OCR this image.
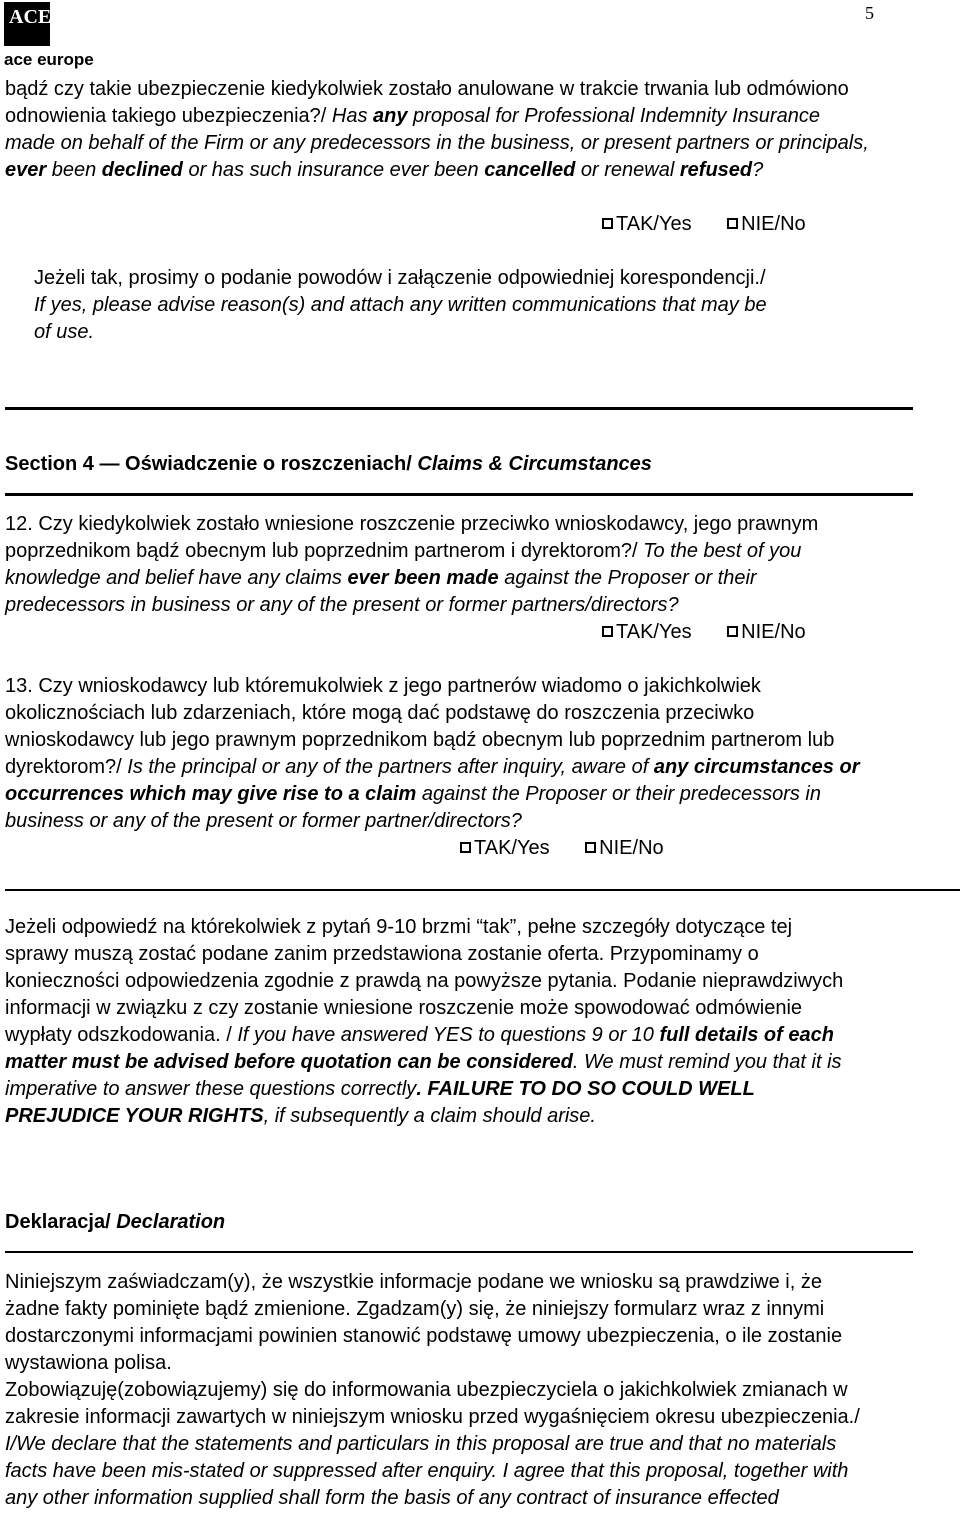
ACE
ace europe
5

bądź czy takie ubezpieczenie kiedykolwiek zostało anulowane w trakcie trwania lub odmówiono odnowienia takiego ubezpieczenia?/ Has any proposal for Professional Indemnity Insurance made on behalf of the Firm or any predecessors in the business, or present partners or principals, ever been declined or has such insurance ever been cancelled or renewal refused?

TAK/Yes NIE/No

Jeżeli tak, prosimy o podanie powodów i załączenie odpowiedniej korespondencji./ If yes, please advise reason(s) and attach any written communications that may be of use.

Section 4 — Oświadczenie o roszczeniach/ Claims & Circumstances

12. Czy kiedykolwiek zostało wniesione roszczenie przeciwko wnioskodawcy, jego prawnym poprzednikom bądź obecnym lub poprzednim partnerom i dyrektorom?/ To the best of you knowledge and belief have any claims ever been made against the Proposer or their predecessors in business or any of the present or former partners/directors?

TAK/Yes NIE/No

13. Czy wnioskodawcy lub któremukolwiek z jego partnerów wiadomo o jakichkolwiek okolicznościach lub zdarzeniach, które mogą dać podstawę do roszczenia przeciwko wnioskodawcy lub jego prawnym poprzednikom bądź obecnym lub poprzednim partnerom lub dyrektorom?/ Is the principal or any of the partners after inquiry, aware of any circumstances or occurrences which may give rise to a claim against the Proposer or their predecessors in business or any of the present or former partner/directors?

TAK/Yes NIE/No

Jeżeli odpowiedź na którekolwiek z pytań 9-10 brzmi “tak”, pełne szczegóły dotyczące tej sprawy muszą zostać podane zanim przedstawiona zostanie oferta. Przypominamy o konieczności odpowiedzenia zgodnie z prawdą na powyższe pytania. Podanie nieprawdziwych informacji w związku z czy zostanie wniesione roszczenie może spowodować odmówienie wypłaty odszkodowania. / If you have answered YES to questions 9 or 10 full details of each matter must be advised before quotation can be considered. We must remind you that it is imperative to answer these questions correctly. FAILURE TO DO SO COULD WELL PREJUDICE YOUR RIGHTS, if subsequently a claim should arise.

Deklaracja/ Declaration

Niniejszym zaświadczam(y), że wszystkie informacje podane we wniosku są prawdziwe i, że żadne fakty pominięte bądź zmienione. Zgadzam(y) się, że niniejszy formularz wraz z innymi dostarczonymi informacjami powinien stanowić podstawę umowy ubezpieczenia, o ile zostanie wystawiona polisa.

Zobowiązuję(zobowiązujemy) się do informowania ubezpieczyciela o jakichkolwiek zmianach w zakresie informacji zawartych w niniejszym wniosku przed wygaśnięciem okresu ubezpieczenia./ I/We declare that the statements and particulars in this proposal are true and that no materials facts have been mis-stated or suppressed after enquiry. I agree that this proposal, together with any other information supplied shall form the basis of any contract of insurance effected
